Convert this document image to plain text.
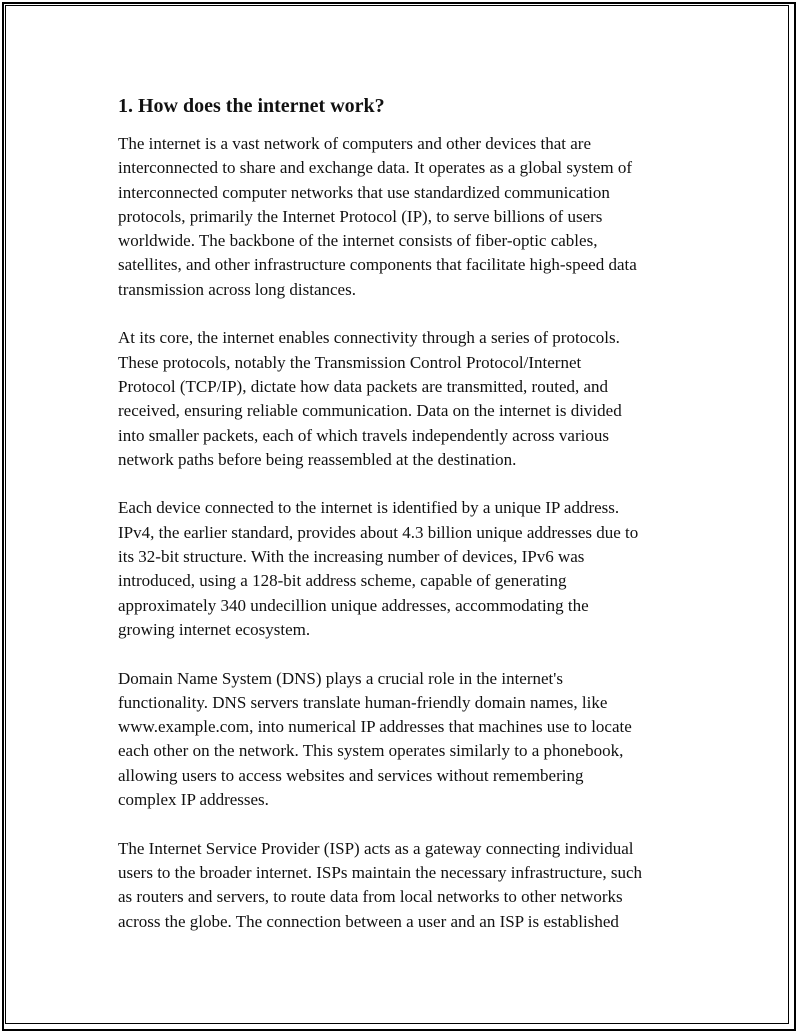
1. How does the internet work?

The internet is a vast network of computers and other devices that are
interconnected to share and exchange data. It operates as a global system of
interconnected computer networks that use standardized communication
protocols, primarily the Internet Protocol (IP), to serve billions of users
worldwide. The backbone of the internet consists of fiber-optic cables,
satellites, and other infrastructure components that facilitate high-speed data
transmission across long distances.

At its core, the internet enables connectivity through a series of protocols.
These protocols, notably the Transmission Control Protocol/Internet
Protocol (TCP/IP), dictate how data packets are transmitted, routed, and
received, ensuring reliable communication. Data on the internet is divided
into smaller packets, each of which travels independently across various
network paths before being reassembled at the destination.

Each device connected to the internet is identified by a unique IP address.
IPv4, the earlier standard, provides about 4.3 billion unique addresses due to
its 32-bit structure. With the increasing number of devices, IPv6 was
introduced, using a 128-bit address scheme, capable of generating
approximately 340 undecillion unique addresses, accommodating the
growing internet ecosystem.

Domain Name System (DNS) plays a crucial role in the internet's
functionality. DNS servers translate human-friendly domain names, like
www.example.com, into numerical IP addresses that machines use to locate
each other on the network. This system operates similarly to a phonebook,
allowing users to access websites and services without remembering
complex IP addresses.

The Internet Service Provider (ISP) acts as a gateway connecting individual
users to the broader internet. ISPs maintain the necessary infrastructure, such
as routers and servers, to route data from local networks to other networks
across the globe. The connection between a user and an ISP is established
